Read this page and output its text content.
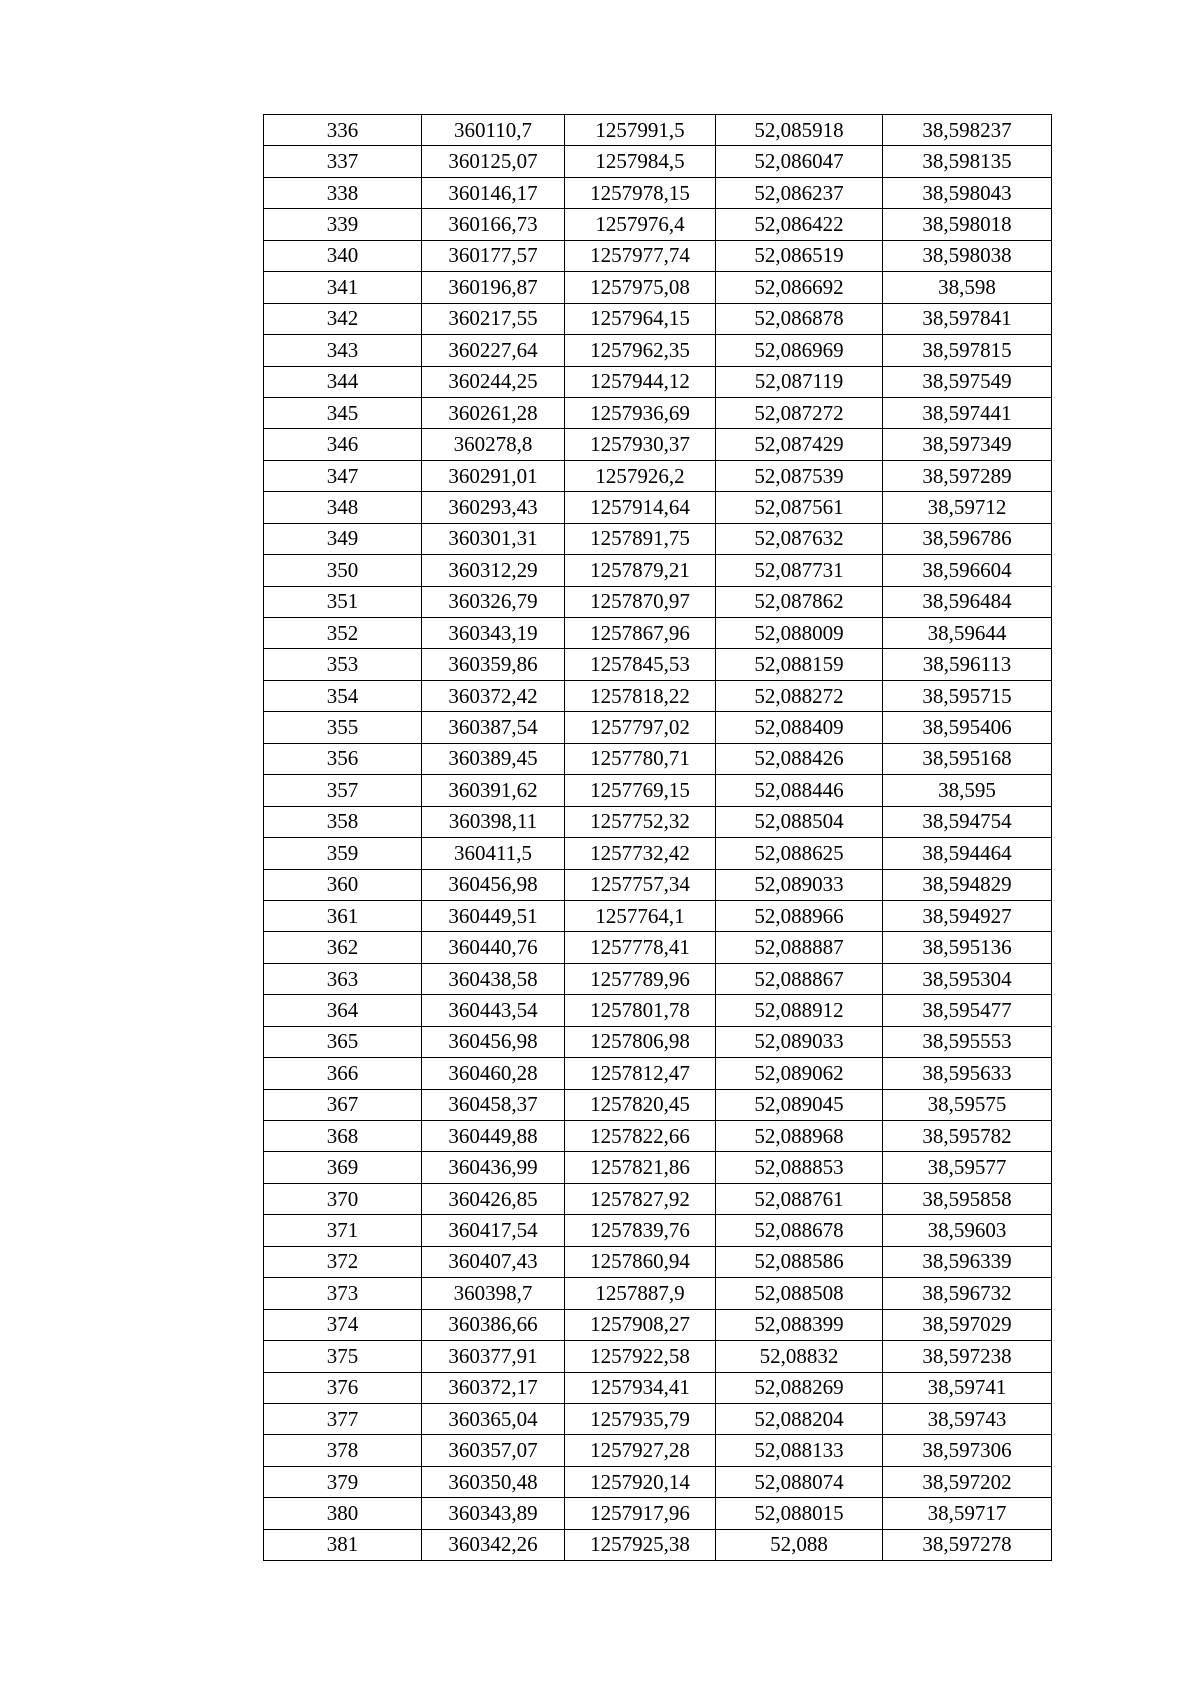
336	360110,7	1257991,5	52,085918	38,598237
337	360125,07	1257984,5	52,086047	38,598135
338	360146,17	1257978,15	52,086237	38,598043
339	360166,73	1257976,4	52,086422	38,598018
340	360177,57	1257977,74	52,086519	38,598038
341	360196,87	1257975,08	52,086692	38,598
342	360217,55	1257964,15	52,086878	38,597841
343	360227,64	1257962,35	52,086969	38,597815
344	360244,25	1257944,12	52,087119	38,597549
345	360261,28	1257936,69	52,087272	38,597441
346	360278,8	1257930,37	52,087429	38,597349
347	360291,01	1257926,2	52,087539	38,597289
348	360293,43	1257914,64	52,087561	38,59712
349	360301,31	1257891,75	52,087632	38,596786
350	360312,29	1257879,21	52,087731	38,596604
351	360326,79	1257870,97	52,087862	38,596484
352	360343,19	1257867,96	52,088009	38,59644
353	360359,86	1257845,53	52,088159	38,596113
354	360372,42	1257818,22	52,088272	38,595715
355	360387,54	1257797,02	52,088409	38,595406
356	360389,45	1257780,71	52,088426	38,595168
357	360391,62	1257769,15	52,088446	38,595
358	360398,11	1257752,32	52,088504	38,594754
359	360411,5	1257732,42	52,088625	38,594464
360	360456,98	1257757,34	52,089033	38,594829
361	360449,51	1257764,1	52,088966	38,594927
362	360440,76	1257778,41	52,088887	38,595136
363	360438,58	1257789,96	52,088867	38,595304
364	360443,54	1257801,78	52,088912	38,595477
365	360456,98	1257806,98	52,089033	38,595553
366	360460,28	1257812,47	52,089062	38,595633
367	360458,37	1257820,45	52,089045	38,59575
368	360449,88	1257822,66	52,088968	38,595782
369	360436,99	1257821,86	52,088853	38,59577
370	360426,85	1257827,92	52,088761	38,595858
371	360417,54	1257839,76	52,088678	38,59603
372	360407,43	1257860,94	52,088586	38,596339
373	360398,7	1257887,9	52,088508	38,596732
374	360386,66	1257908,27	52,088399	38,597029
375	360377,91	1257922,58	52,08832	38,597238
376	360372,17	1257934,41	52,088269	38,59741
377	360365,04	1257935,79	52,088204	38,59743
378	360357,07	1257927,28	52,088133	38,597306
379	360350,48	1257920,14	52,088074	38,597202
380	360343,89	1257917,96	52,088015	38,59717
381	360342,26	1257925,38	52,088	38,597278
